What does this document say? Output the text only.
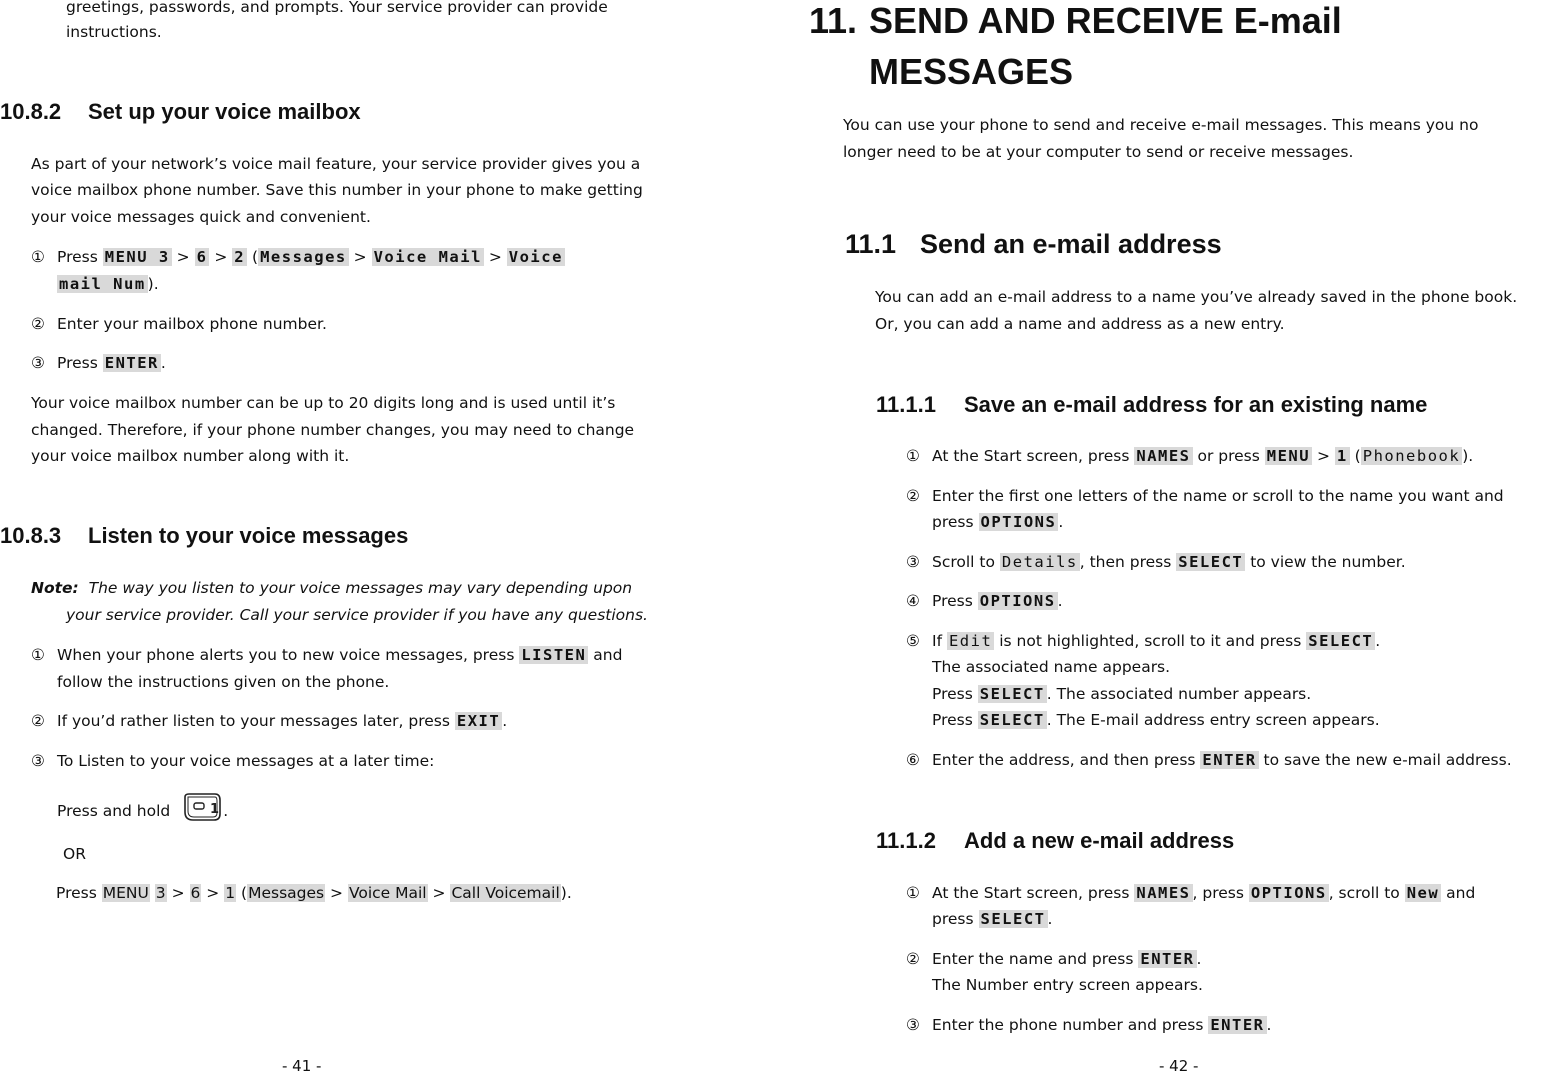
greetings, passwords, and prompts. Your service provider can provide
instructions.
10.8.2 Set up your voice mailbox
As part of your network’s voice mail feature, your service provider gives you a
voice mailbox phone number. Save this number in your phone to make getting
your voice messages quick and convenient.
① Press MENU 3 > 6 > 2 ( Messages > Voice Mail > Voice
mail Num ).
② Enter your mailbox phone number.
③ Press ENTER .
Your voice mailbox number can be up to 20 digits long and is used until it’s
changed. Therefore, if your phone number changes, you may need to change
your voice mailbox number along with it.
10.8.3 Listen to your voice messages
Note: The way you listen to your voice messages may vary depending upon
your service provider. Call your service provider if you have any questions.
① When your phone alerts you to new voice messages, press LISTEN and
follow the instructions given on the phone.
② If you’d rather listen to your messages later, press EXIT .
③ To Listen to your voice messages at a later time:
Press and hold	1 .
OR
Press MENU 3 > 6 > 1 (Messages > Voice Mail > Call Voicemail).
- 41 -
11. SEND AND RECEIVE E-mail
MESSAGES
You can use your phone to send and receive e-mail messages. This means you no
longer need to be at your computer to send or receive messages.
11.1 Send an e-mail address
You can add an e-mail address to a name you’ve already saved in the phone book.
Or, you can add a name and address as a new entry.
11.1.1 Save an e-mail address for an existing name
① At the Start screen, press NAMES or press MENU > 1 ( Phonebook ).
② Enter the first one letters of the name or scroll to the name you want and
press OPTIONS .
③ Scroll to Details , then press SELECT to view the number.
④ Press OPTIONS .
⑤ If Edit is not highlighted, scroll to it and press SELECT .
The associated name appears.
Press SELECT . The associated number appears.
Press SELECT . The E-mail address entry screen appears.
⑥ Enter the address, and then press ENTER to save the new e-mail address.
11.1.2 Add a new e-mail address
① At the Start screen, press NAMES , press OPTIONS , scroll to New and
press SELECT .
② Enter the name and press ENTER .
The Number entry screen appears.
③ Enter the phone number and press ENTER .
- 42 -
